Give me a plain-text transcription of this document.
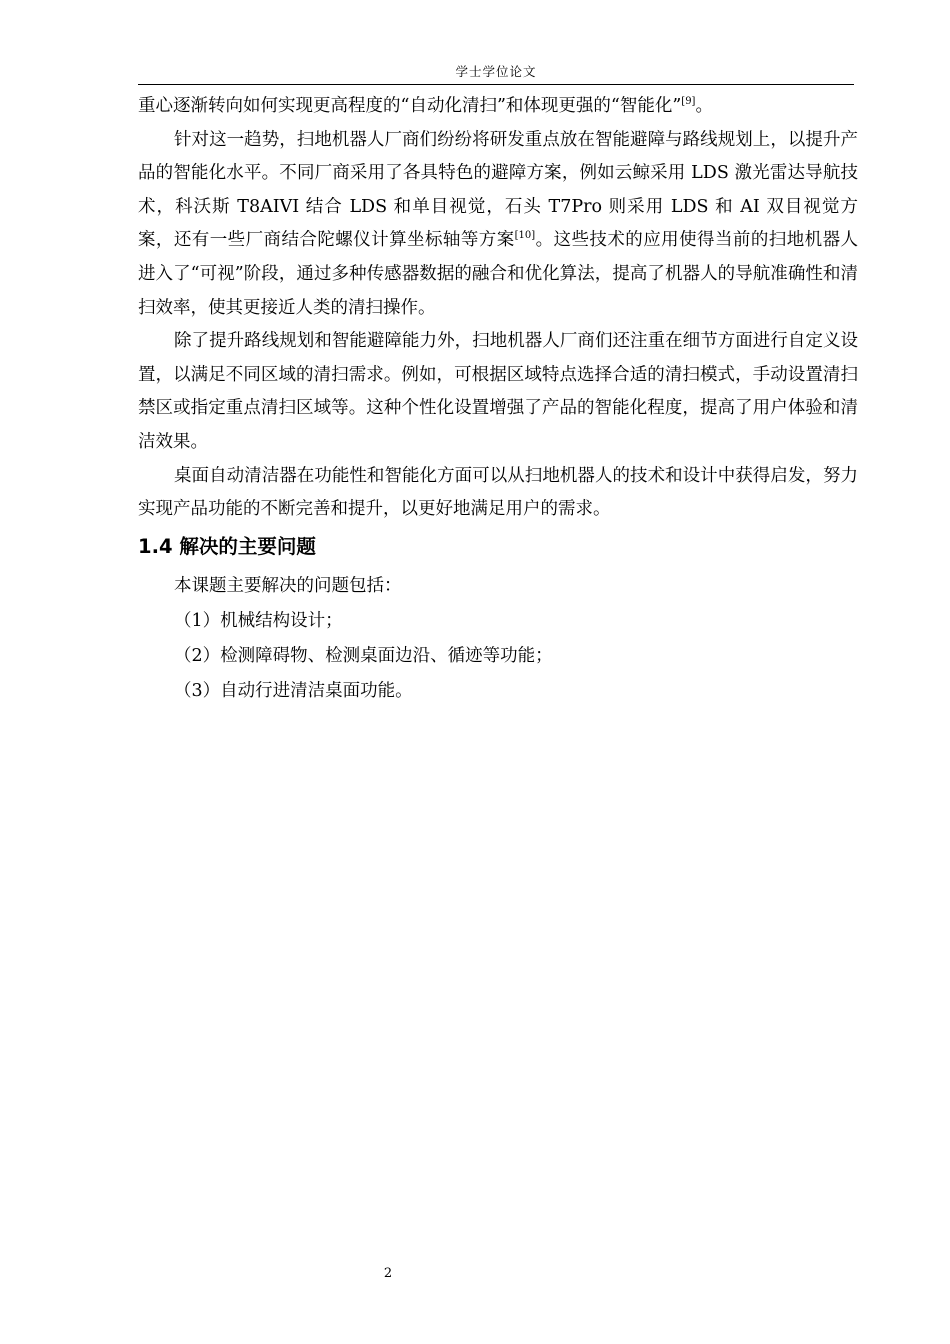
学士学位论文

重心逐渐转向如何实现更高程度的“自动化清扫”和体现更强的“智能化”[9]。

针对这一趋势，扫地机器人厂商们纷纷将研发重点放在智能避障与路线规划上，以提升产品的智能化水平。不同厂商采用了各具特色的避障方案，例如云鲸采用 LDS 激光雷达导航技术，科沃斯 T8AIVI 结合 LDS 和单目视觉，石头 T7Pro 则采用 LDS 和 AI 双目视觉方案，还有一些厂商结合陀螺仪计算坐标轴等方案[10]。这些技术的应用使得当前的扫地机器人进入了“可视”阶段，通过多种传感器数据的融合和优化算法，提高了机器人的导航准确性和清扫效率，使其更接近人类的清扫操作。

除了提升路线规划和智能避障能力外，扫地机器人厂商们还注重在细节方面进行自定义设置，以满足不同区域的清扫需求。例如，可根据区域特点选择合适的清扫模式，手动设置清扫禁区或指定重点清扫区域等。这种个性化设置增强了产品的智能化程度，提高了用户体验和清洁效果。

桌面自动清洁器在功能性和智能化方面可以从扫地机器人的技术和设计中获得启发，努力实现产品功能的不断完善和提升，以更好地满足用户的需求。

1.4 解决的主要问题

本课题主要解决的问题包括：

（1）机械结构设计；

（2）检测障碍物、检测桌面边沿、循迹等功能；

（3）自动行进清洁桌面功能。

2
